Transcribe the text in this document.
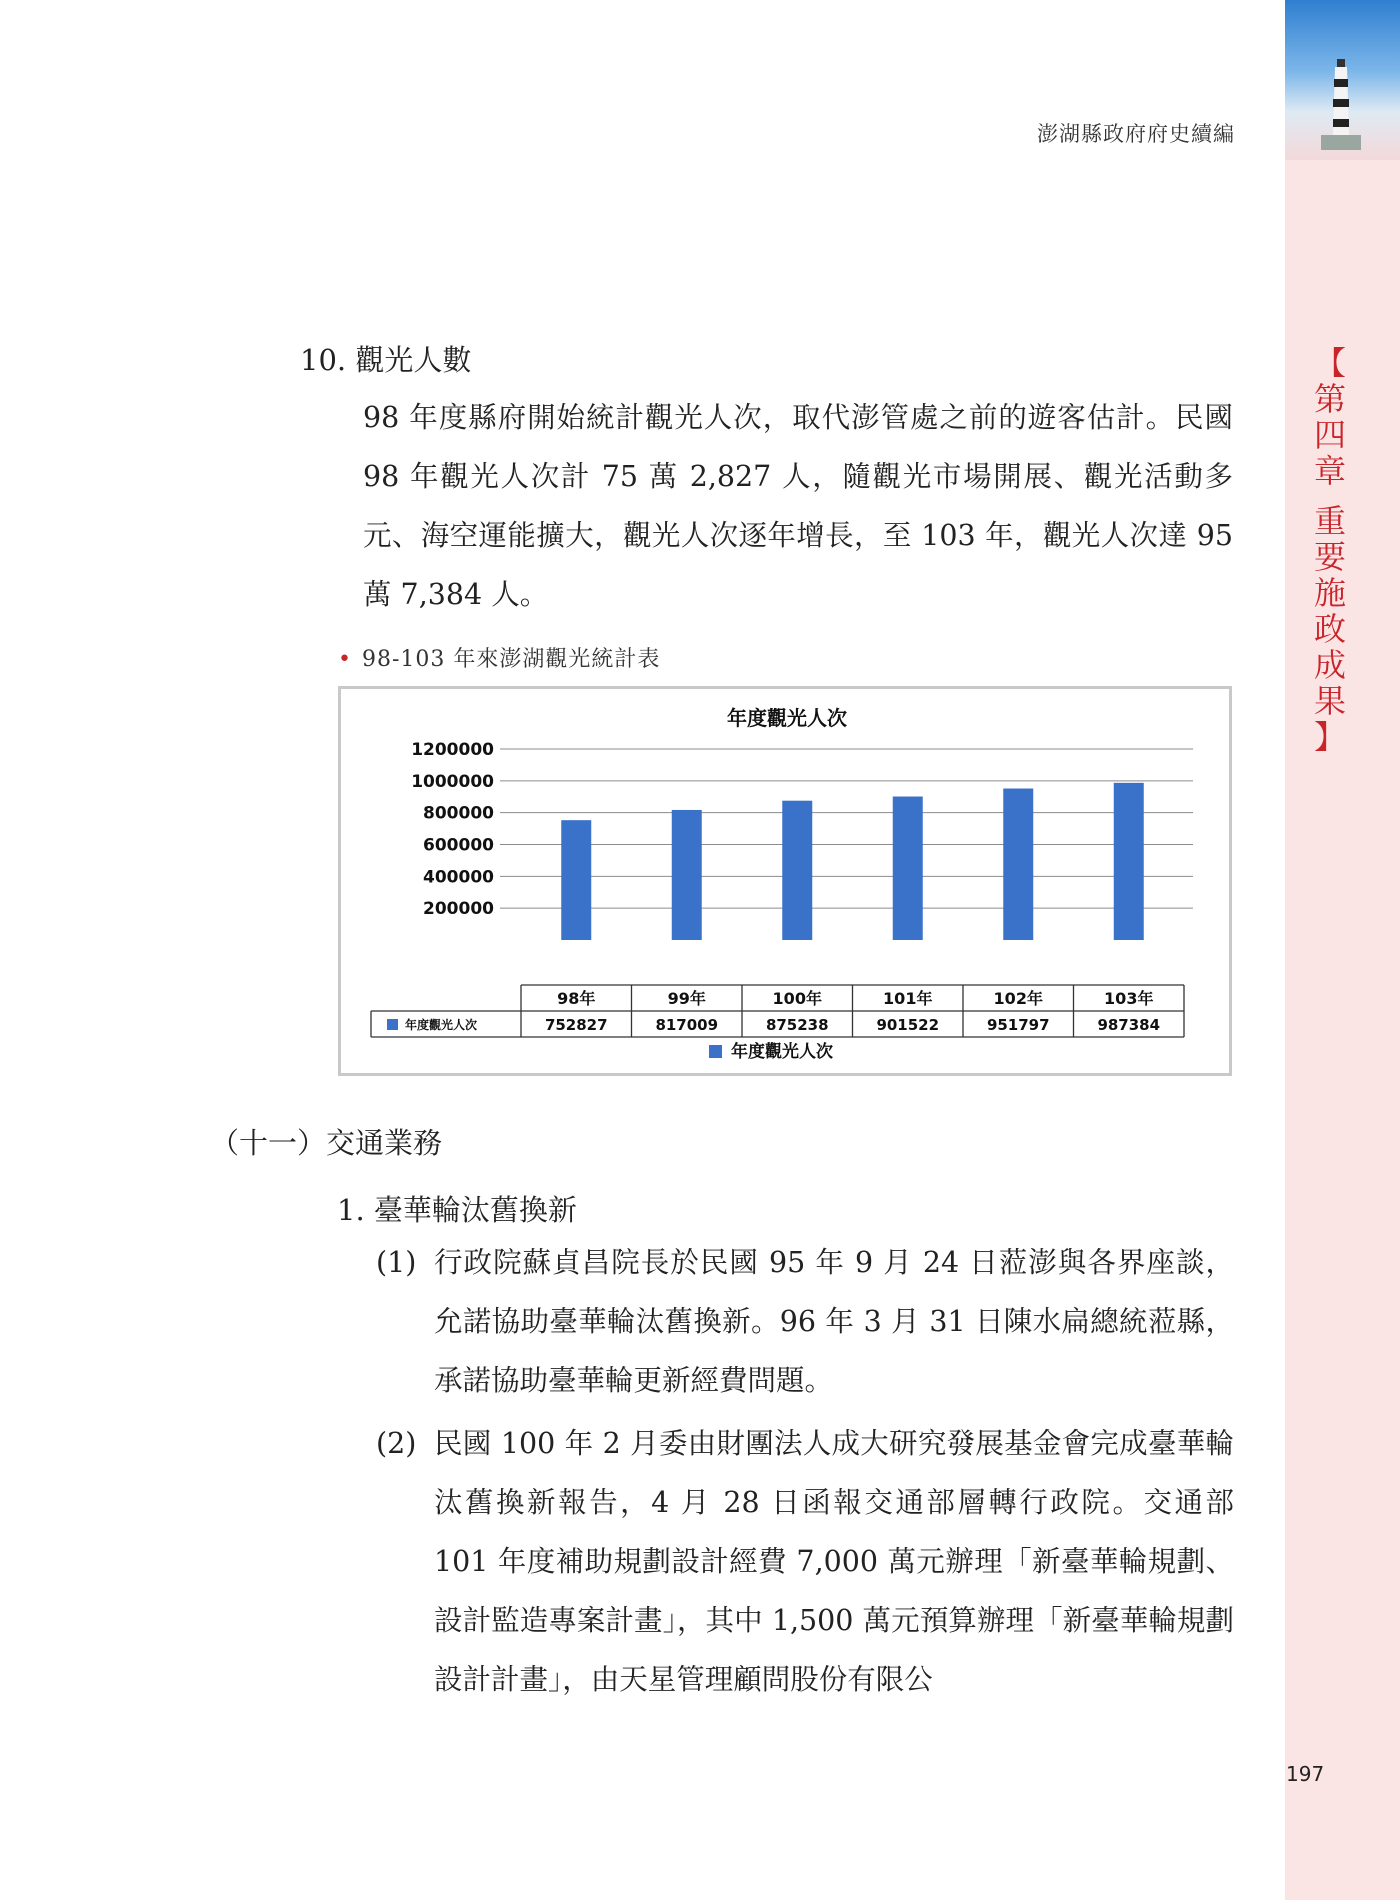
【
第
四
章
重
要
施
政
成
果
】
澎湖縣政府府史續編
10. 觀光人數
98 年度縣府開始統計觀光人次，取代澎管處之前的遊客估計。民國 98 年觀光人次計 75 萬 2,827 人，隨觀光市場開展、觀光活動多元、海空運能擴大，觀光人次逐年增長，至 103 年，觀光人次達 95 萬 7,384 人。
• 98-103 年來澎湖觀光統計表
年度觀光人次
200000
400000
600000
800000
1000000
1200000
98年
752827
99年
817009
100年
875238
101年
901522
102年
951797
103年
987384
年度觀光人次
年度觀光人次
（十一）交通業務
1. 臺華輪汰舊換新
(1) 行政院蘇貞昌院長於民國 95 年 9 月 24 日蒞澎與各界座談，允諾協助臺華輪汰舊換新。96 年 3 月 31 日陳水扁總統蒞縣，承諾協助臺華輪更新經費問題。
(2) 民國 100 年 2 月委由財團法人成大研究發展基金會完成臺華輪汰舊換新報告，4 月 28 日函報交通部層轉行政院。交通部 101 年度補助規劃設計經費 7,000 萬元辦理「新臺華輪規劃、設計監造專案計畫」，其中 1,500 萬元預算辦理「新臺華輪規劃設計計畫」，由天星管理顧問股份有限公
197
